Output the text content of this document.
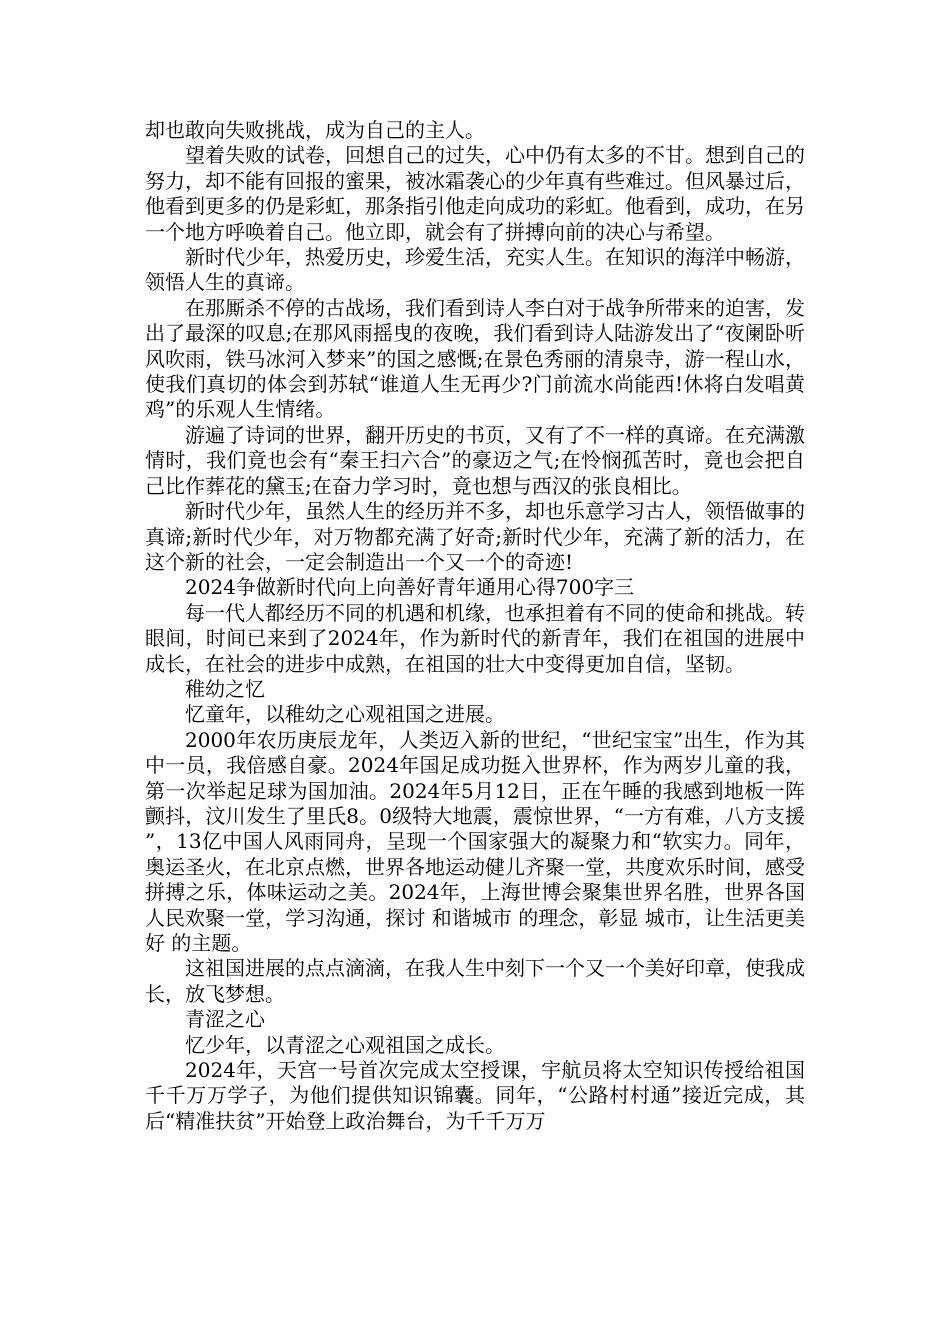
却也敢向失败挑战，成为自己的主人。

望着失败的试卷，回想自己的过失，心中仍有太多的不甘。想到自己的努力，却不能有回报的蜜果，被冰霜袭心的少年真有些难过。但风暴过后，他看到更多的仍是彩虹，那条指引他走向成功的彩虹。他看到，成功，在另一个地方呼唤着自己。他立即，就会有了拼搏向前的决心与希望。

新时代少年，热爱历史，珍爱生活，充实人生。在知识的海洋中畅游，领悟人生的真谛。

在那厮杀不停的古战场，我们看到诗人李白对于战争所带来的迫害，发出了最深的叹息;在那风雨摇曳的夜晚，我们看到诗人陆游发出了“夜阑卧听风吹雨，铁马冰河入梦来”的国之感慨;在景色秀丽的清泉寺，游一程山水，使我们真切的体会到苏轼“谁道人生无再少?门前流水尚能西!休将白发唱黄鸡”的乐观人生情绪。

游遍了诗词的世界，翻开历史的书页，又有了不一样的真谛。在充满激情时，我们竟也会有“秦王扫六合”的豪迈之气;在怜悯孤苦时，竟也会把自己比作葬花的黛玉;在奋力学习时，竟也想与西汉的张良相比。

新时代少年，虽然人生的经历并不多，却也乐意学习古人，领悟做事的真谛;新时代少年，对万物都充满了好奇;新时代少年，充满了新的活力，在这个新的社会，一定会制造出一个又一个的奇迹!

2024争做新时代向上向善好青年通用心得700字三

每一代人都经历不同的机遇和机缘，也承担着有不同的使命和挑战。转眼间，时间已来到了2024年，作为新时代的新青年，我们在祖国的进展中成长，在社会的进步中成熟，在祖国的壮大中变得更加自信，坚韧。

稚幼之忆

忆童年，以稚幼之心观祖国之进展。

2000年农历庚辰龙年，人类迈入新的世纪，“世纪宝宝”出生，作为其中一员，我倍感自豪。2024年国足成功挺入世界杯，作为两岁儿童的我，第一次举起足球为国加油。2024年5月12日，正在午睡的我感到地板一阵颤抖，汶川发生了里氏8。0级特大地震，震惊世界，“一方有难，八方支援”，13亿中国人风雨同舟，呈现一个国家强大的凝聚力和“软实力。同年，奥运圣火，在北京点燃，世界各地运动健儿齐聚一堂，共度欢乐时间，感受拼搏之乐，体味运动之美。2024年，上海世博会聚集世界名胜，世界各国人民欢聚一堂，学习沟通，探讨 和谐城市 的理念，彰显 城市，让生活更美好 的主题。

这祖国进展的点点滴滴，在我人生中刻下一个又一个美好印章，使我成长，放飞梦想。

青涩之心

忆少年，以青涩之心观祖国之成长。

2024年，天宫一号首次完成太空授课，宇航员将太空知识传授给祖国千千万万学子，为他们提供知识锦囊。同年，“公路村村通”接近完成，其后“精准扶贫”开始登上政治舞台，为千千万万
